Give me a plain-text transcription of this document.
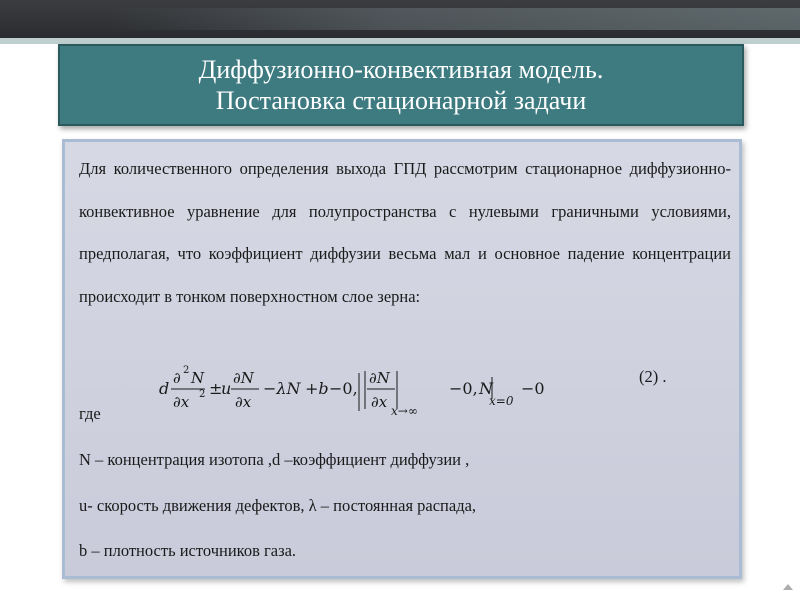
Диффузионно-конвективная модель.
Постановка стационарной задачи
Для количественного определения выхода ГПД рассмотрим стационарное диффузионно-конвективное уравнение для полупространства с нулевыми граничными условиями, предполагая, что коэффициент диффузии весьма мал и основное падение концентрации происходит в тонком поверхностном слое зерна:
d
∂ 2 N
∂x 2 ±
u
∂N
∂x
−λN +b −0,
∂N
∂x x→∞
−0, N
x=0
−0
(2) .
где
N – концентрация изотопа ,d –коэффициент диффузии ,
u- скорость движения дефектов, λ – постоянная распада,
b – плотность источников газа.
